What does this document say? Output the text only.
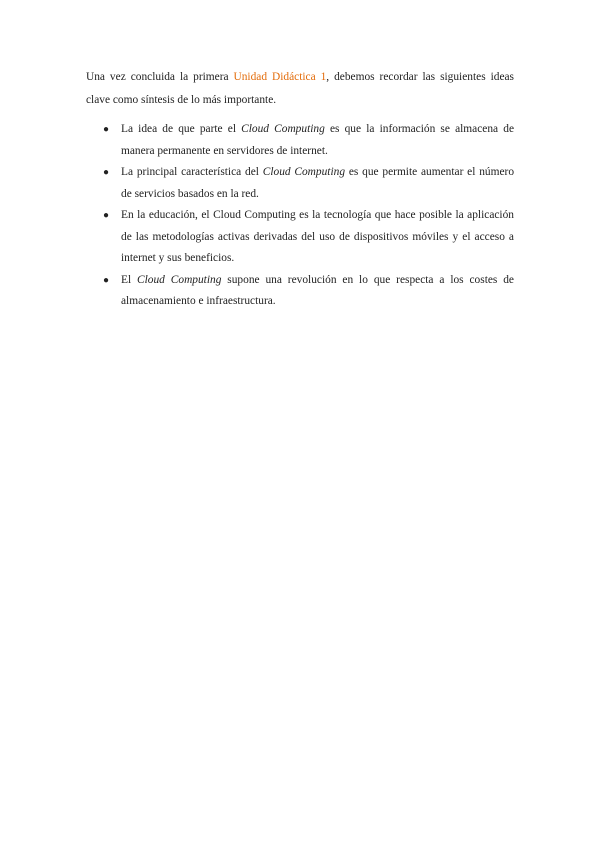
Una vez concluida la primera Unidad Didáctica 1, debemos recordar las siguientes ideas clave como síntesis de lo más importante.

● La idea de que parte el Cloud Computing es que la información se almacena de manera permanente en servidores de internet.
● La principal característica del Cloud Computing es que permite aumentar el número de servicios basados en la red.
● En la educación, el Cloud Computing es la tecnología que hace posible la aplicación de las metodologías activas derivadas del uso de dispositivos móviles y el acceso a internet y sus beneficios.
● El Cloud Computing supone una revolución en lo que respecta a los costes de almacenamiento e infraestructura.
